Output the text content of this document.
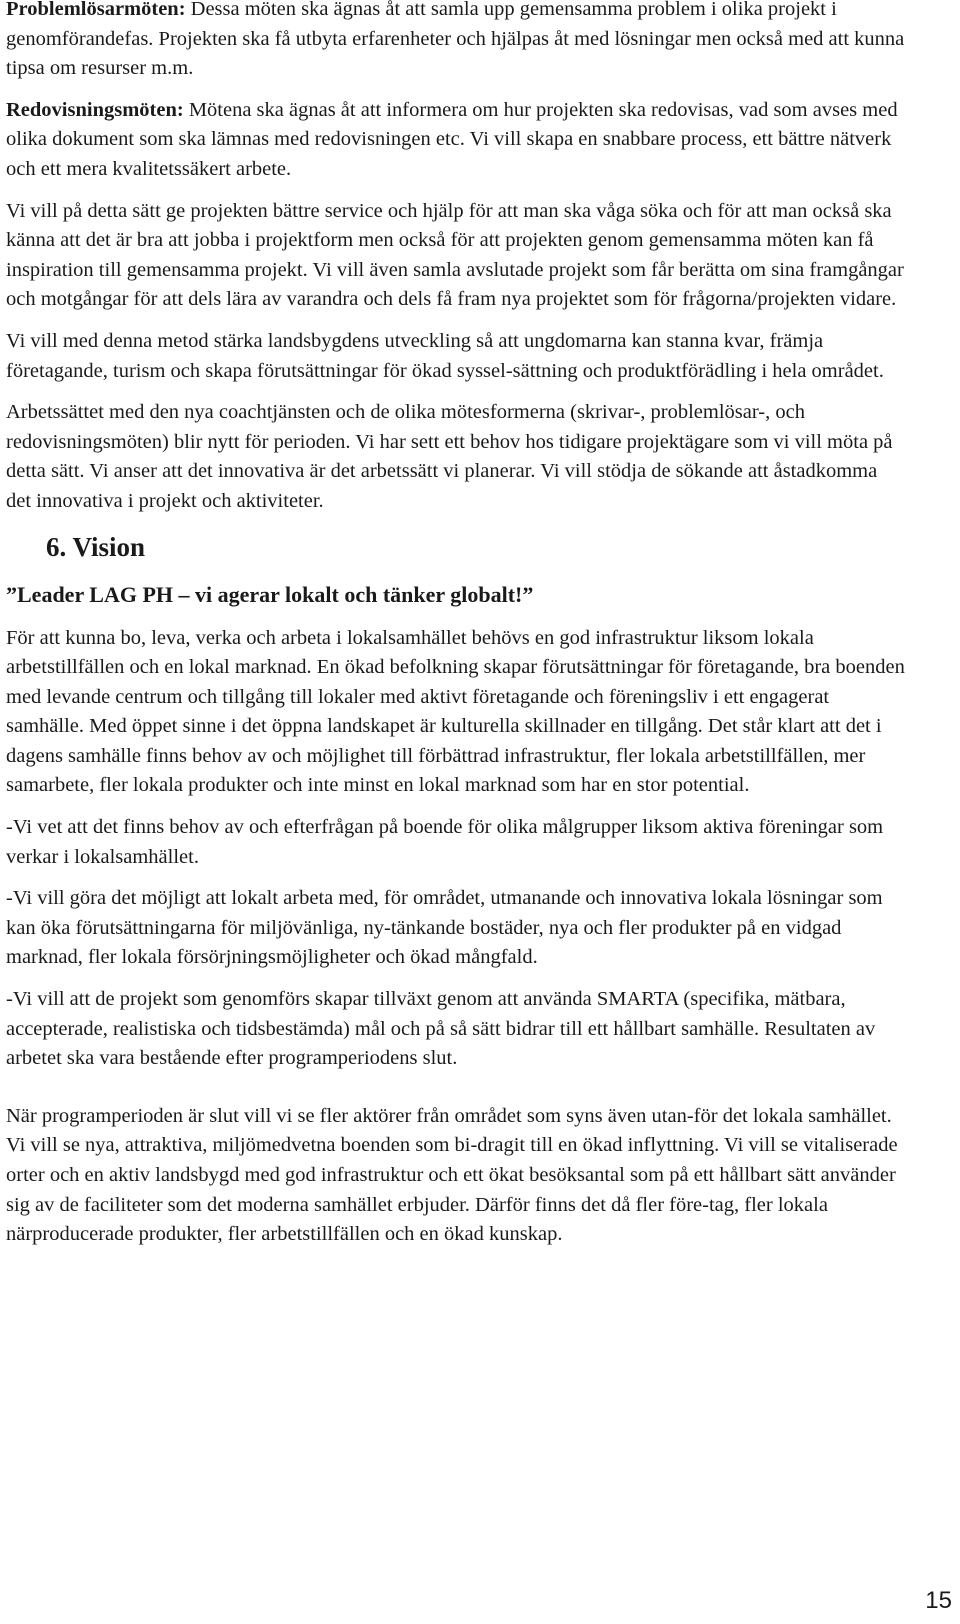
Problemlösarmöten: Dessa möten ska ägnas åt att samla upp gemensamma problem i olika projekt i genomförandefas. Projekten ska få utbyta erfarenheter och hjälpas åt med lösningar men också med att kunna tipsa om resurser m.m.

Redovisningsmöten: Mötena ska ägnas åt att informera om hur projekten ska redovisas, vad som avses med olika dokument som ska lämnas med redovisningen etc. Vi vill skapa en snabbare process, ett bättre nätverk och ett mera kvalitetssäkert arbete.

Vi vill på detta sätt ge projekten bättre service och hjälp för att man ska våga söka och för att man också ska känna att det är bra att jobba i projektform men också för att projekten genom gemensamma möten kan få inspiration till gemensamma projekt. Vi vill även samla avslutade projekt som får berätta om sina framgångar och motgångar för att dels lära av varandra och dels få fram nya projektet som för frågorna/projekten vidare.

Vi vill med denna metod stärka landsbygdens utveckling så att ungdomarna kan stanna kvar, främja företagande, turism och skapa förutsättningar för ökad syssel-sättning och produktförädling i hela området.

Arbetssättet med den nya coachtjänsten och de olika mötesformerna (skrivar-, problemlösar-, och redovisningsmöten) blir nytt för perioden. Vi har sett ett behov hos tidigare projektägare som vi vill möta på detta sätt. Vi anser att det innovativa är det arbetssätt vi planerar. Vi vill stödja de sökande att åstadkomma det innovativa i projekt och aktiviteter.

6. Vision
”Leader LAG PH – vi agerar lokalt och tänker globalt!”

För att kunna bo, leva, verka och arbeta i lokalsamhället behövs en god infrastruktur liksom lokala arbetstillfällen och en lokal marknad. En ökad befolkning skapar förutsättningar för företagande, bra boenden med levande centrum och tillgång till lokaler med aktivt företagande och föreningsliv i ett engagerat samhälle. Med öppet sinne i det öppna landskapet är kulturella skillnader en tillgång. Det står klart att det i dagens samhälle finns behov av och möjlighet till förbättrad infrastruktur, fler lokala arbetstillfällen, mer samarbete, fler lokala produkter och inte minst en lokal marknad som har en stor potential.

-Vi vet att det finns behov av och efterfrågan på boende för olika målgrupper liksom aktiva föreningar som verkar i lokalsamhället.

-Vi vill göra det möjligt att lokalt arbeta med, för området, utmanande och innovativa lokala lösningar som kan öka förutsättningarna för miljövänliga, ny-tänkande bostäder, nya och fler produkter på en vidgad marknad, fler lokala försörjningsmöjligheter och ökad mångfald.

-Vi vill att de projekt som genomförs skapar tillväxt genom att använda SMARTA (specifika, mätbara, accepterade, realistiska och tidsbestämda) mål och på så sätt bidrar till ett hållbart samhälle. Resultaten av arbetet ska vara bestående efter programperiodens slut.

När programperioden är slut vill vi se fler aktörer från området som syns även utan-för det lokala samhället. Vi vill se nya, attraktiva, miljömedvetna boenden som bi-dragit till en ökad inflyttning. Vi vill se vitaliserade orter och en aktiv landsbygd med god infrastruktur och ett ökat besöksantal som på ett hållbart sätt använder sig av de faciliteter som det moderna samhället erbjuder. Därför finns det då fler före-tag, fler lokala närproducerade produkter, fler arbetstillfällen och en ökad kunskap.

15
